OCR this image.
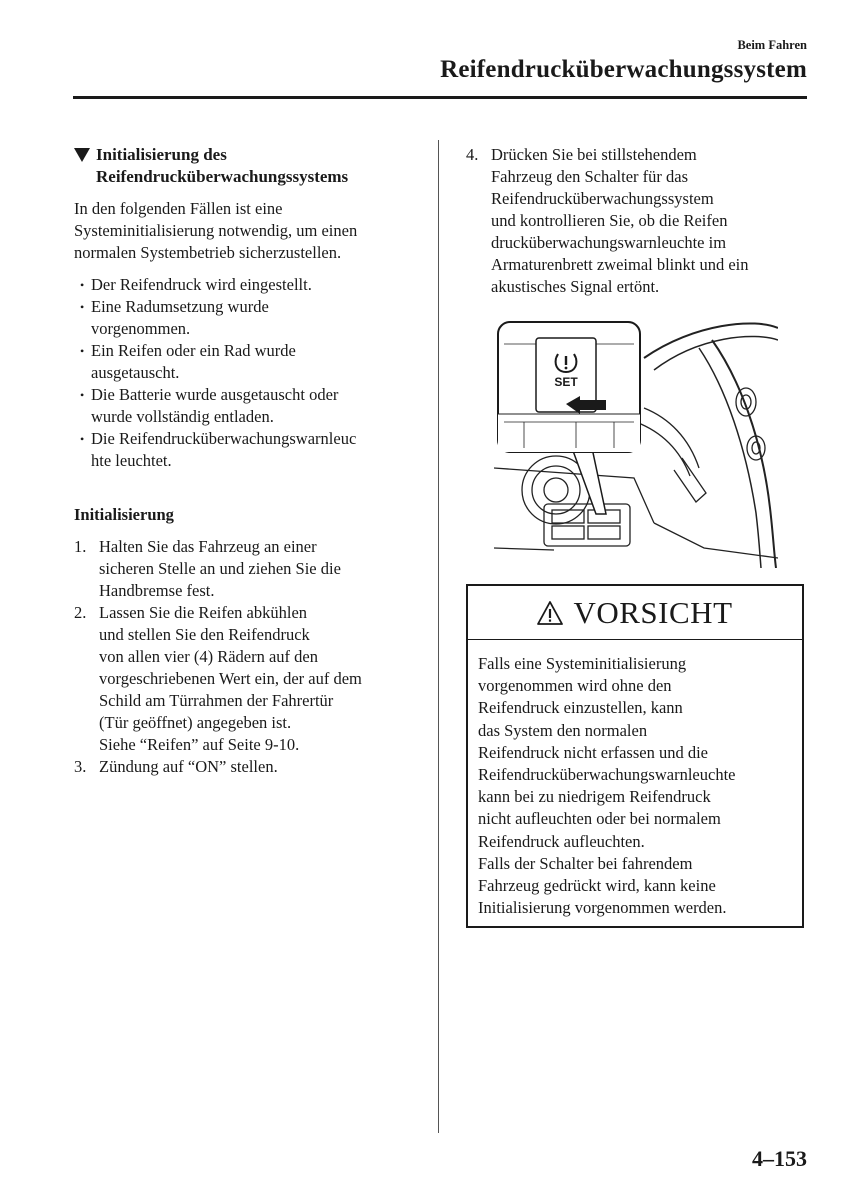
Beim Fahren
Reifendrucküberwachungssystem
Initialisierung des
Reifendrucküberwachungssystems
In den folgenden Fällen ist eine
Systeminitialisierung notwendig, um einen
normalen Systembetrieb sicherzustellen.
• Der Reifendruck wird eingestellt.
• Eine Radumsetzung wurde
vorgenommen.
• Ein Reifen oder ein Rad wurde
ausgetauscht.
• Die Batterie wurde ausgetauscht oder
wurde vollständig entladen.
• Die Reifendrucküberwachungswarnleuc
hte leuchtet.
Initialisierung
1. Halten Sie das Fahrzeug an einer
sicheren Stelle an und ziehen Sie die
Handbremse fest.
2. Lassen Sie die Reifen abkühlen
und stellen Sie den Reifendruck
von allen vier (4) Rädern auf den
vorgeschriebenen Wert ein, der auf dem
Schild am Türrahmen der Fahrertür
(Tür geöffnet) angegeben ist.
Siehe “Reifen” auf Seite 9-10.
3. Zündung auf “ON” stellen.
4. Drücken Sie bei stillstehendem
Fahrzeug den Schalter für das
Reifendrucküberwachungssystem
und kontrollieren Sie, ob die Reifen
drucküberwachungswarnleuchte im
Armaturenbrett zweimal blinkt und ein
akustisches Signal ertönt.
SET
VORSICHT
Falls eine Systeminitialisierung
vorgenommen wird ohne den
Reifendruck einzustellen, kann
das System den normalen
Reifendruck nicht erfassen und die
Reifendrucküberwachungswarnleuchte
kann bei zu niedrigem Reifendruck
nicht aufleuchten oder bei normalem
Reifendruck aufleuchten.
Falls der Schalter bei fahrendem
Fahrzeug gedrückt wird, kann keine
Initialisierung vorgenommen werden.
4–153
